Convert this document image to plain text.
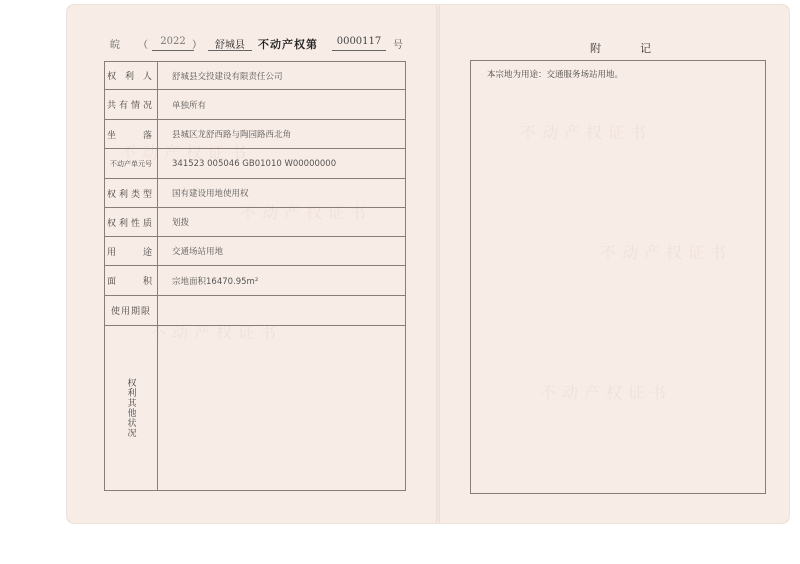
不动产权证书
不动产权证书
不动产权证书
不动产权证书
不动产权证书
不动产权证书
皖 （	2022 ）	舒城县	不动产权第	0000117	号
权 利 人	舒城县交投建设有限责任公司
共有情况	单独所有
坐　　落	县城区龙舒西路与陶园路西北角
不动产单元号	341523 005046 GB01010 W00000000
权利类型	国有建设用地使用权
权利性质	划拨
用　　途	交通场站用地
面　　积	宗地面积16470.95m²
使用期限	

权利其他状况	

附　记
本宗地为用途：交通服务场站用地。
